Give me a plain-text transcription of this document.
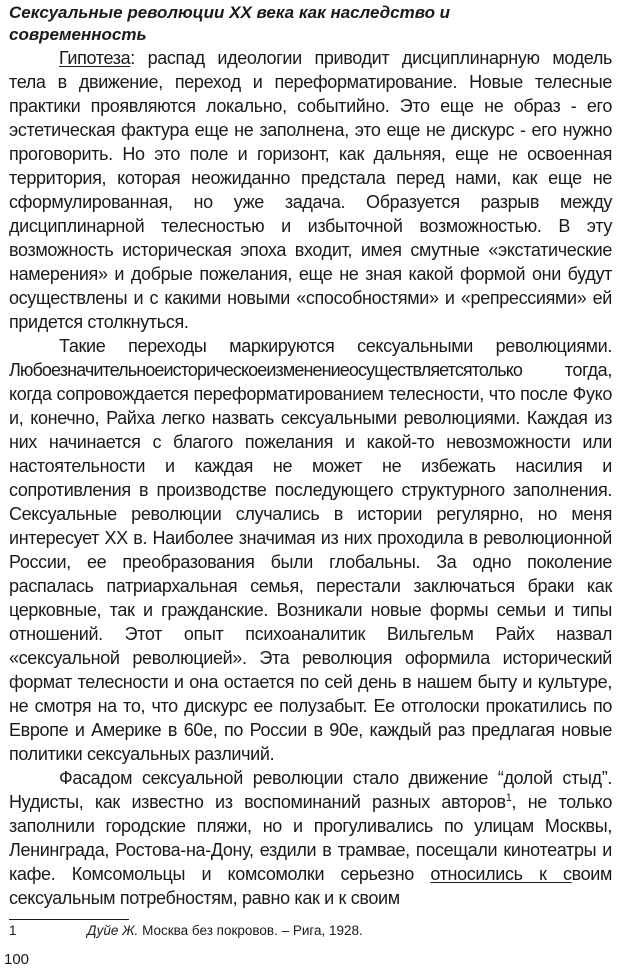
Сексуальные революции XX века как наследство и современность

Гипотеза: распад идеологии приводит дисциплинарную модель тела в движение, переход и переформатирование. Новые телесные практики проявляются локально, событийно. Это еще не образ - его эстетическая фактура еще не заполнена, это еще не дискурс - его нужно проговорить. Но это поле и горизонт, как дальняя, еще не освоенная территория, которая неожиданно предстала перед нами, как еще не сформулированная, но уже задача. Образуется разрыв между дисциплинарной телесностью и избыточной возможностью. В эту возможность историческая эпоха входит, имея смутные «экстатические намерения» и добрые пожелания, еще не зная какой формой они будут осуществлены и с какими новыми «способностями» и «репрессиями» ей придется столкнуться.

Такие переходы маркируются сексуальными революциями. Любоезначительноеисторическоеизменениеосуществляетсятолько тогда, когда сопровождается переформатированием телесности, что после Фуко и, конечно, Райха легко назвать сексуальными революциями. Каждая из них начинается с благого пожелания и какой-то невозможности или настоятельности и каждая не может не избежать насилия и сопротивления в производстве последующего структурного заполнения. Сексуальные революции случались в истории регулярно, но меня интересует XX в. Наиболее значимая из них проходила в революционной России, ее преобразования были глобальны. За одно поколение распалась патриархальная семья, перестали заключаться браки как церковные, так и гражданские. Возникали новые формы семьи и типы отношений. Этот опыт психоаналитик Вильгельм Райх назвал «сексуальной революцией». Эта революция оформила исторический формат телесности и она остается по сей день в нашем быту и культуре, не смотря на то, что дискурс ее полузабыт. Ее отголоски прокатились по Европе и Америке в 60е, по России в 90е, каждый раз предлагая новые политики сексуальных различий.

Фасадом сексуальной революции стало движение “долой стыд”. Нудисты, как известно из воспоминаний разных авторов$^1$, не только заполнили городские пляжи, но и прогуливались по улицам Москвы, Ленинграда, Ростова-на-Дону, ездили в трамвае, посещали кинотеатры и кафе. Комсомольцы и комсомолки серьезно относились к своим сексуальным потребностям, равно как и к своим

1	Дуйе Ж. Москва без покровов. – Рига, 1928.
100
